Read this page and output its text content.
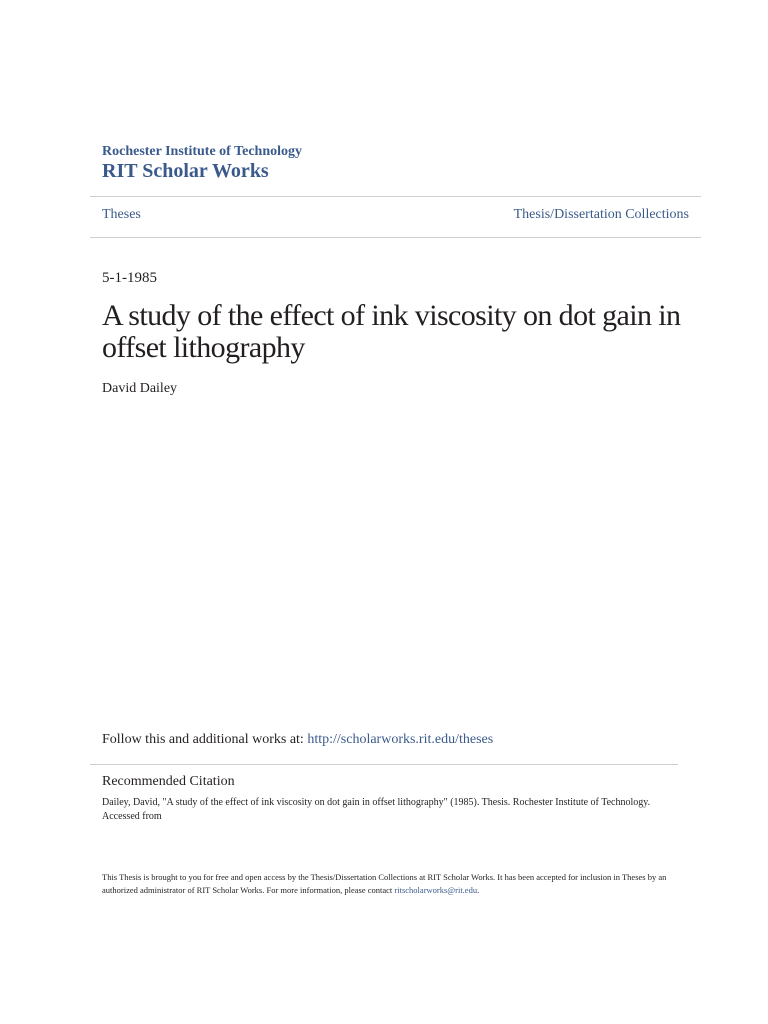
Rochester Institute of Technology
RIT Scholar Works
Theses	Thesis/Dissertation Collections
5-1-1985
A study of the effect of ink viscosity on dot gain in offset lithography
David Dailey
Follow this and additional works at: http://scholarworks.rit.edu/theses
Recommended Citation
Dailey, David, "A study of the effect of ink viscosity on dot gain in offset lithography" (1985). Thesis. Rochester Institute of Technology. Accessed from
This Thesis is brought to you for free and open access by the Thesis/Dissertation Collections at RIT Scholar Works. It has been accepted for inclusion in Theses by an authorized administrator of RIT Scholar Works. For more information, please contact ritscholarworks@rit.edu.
